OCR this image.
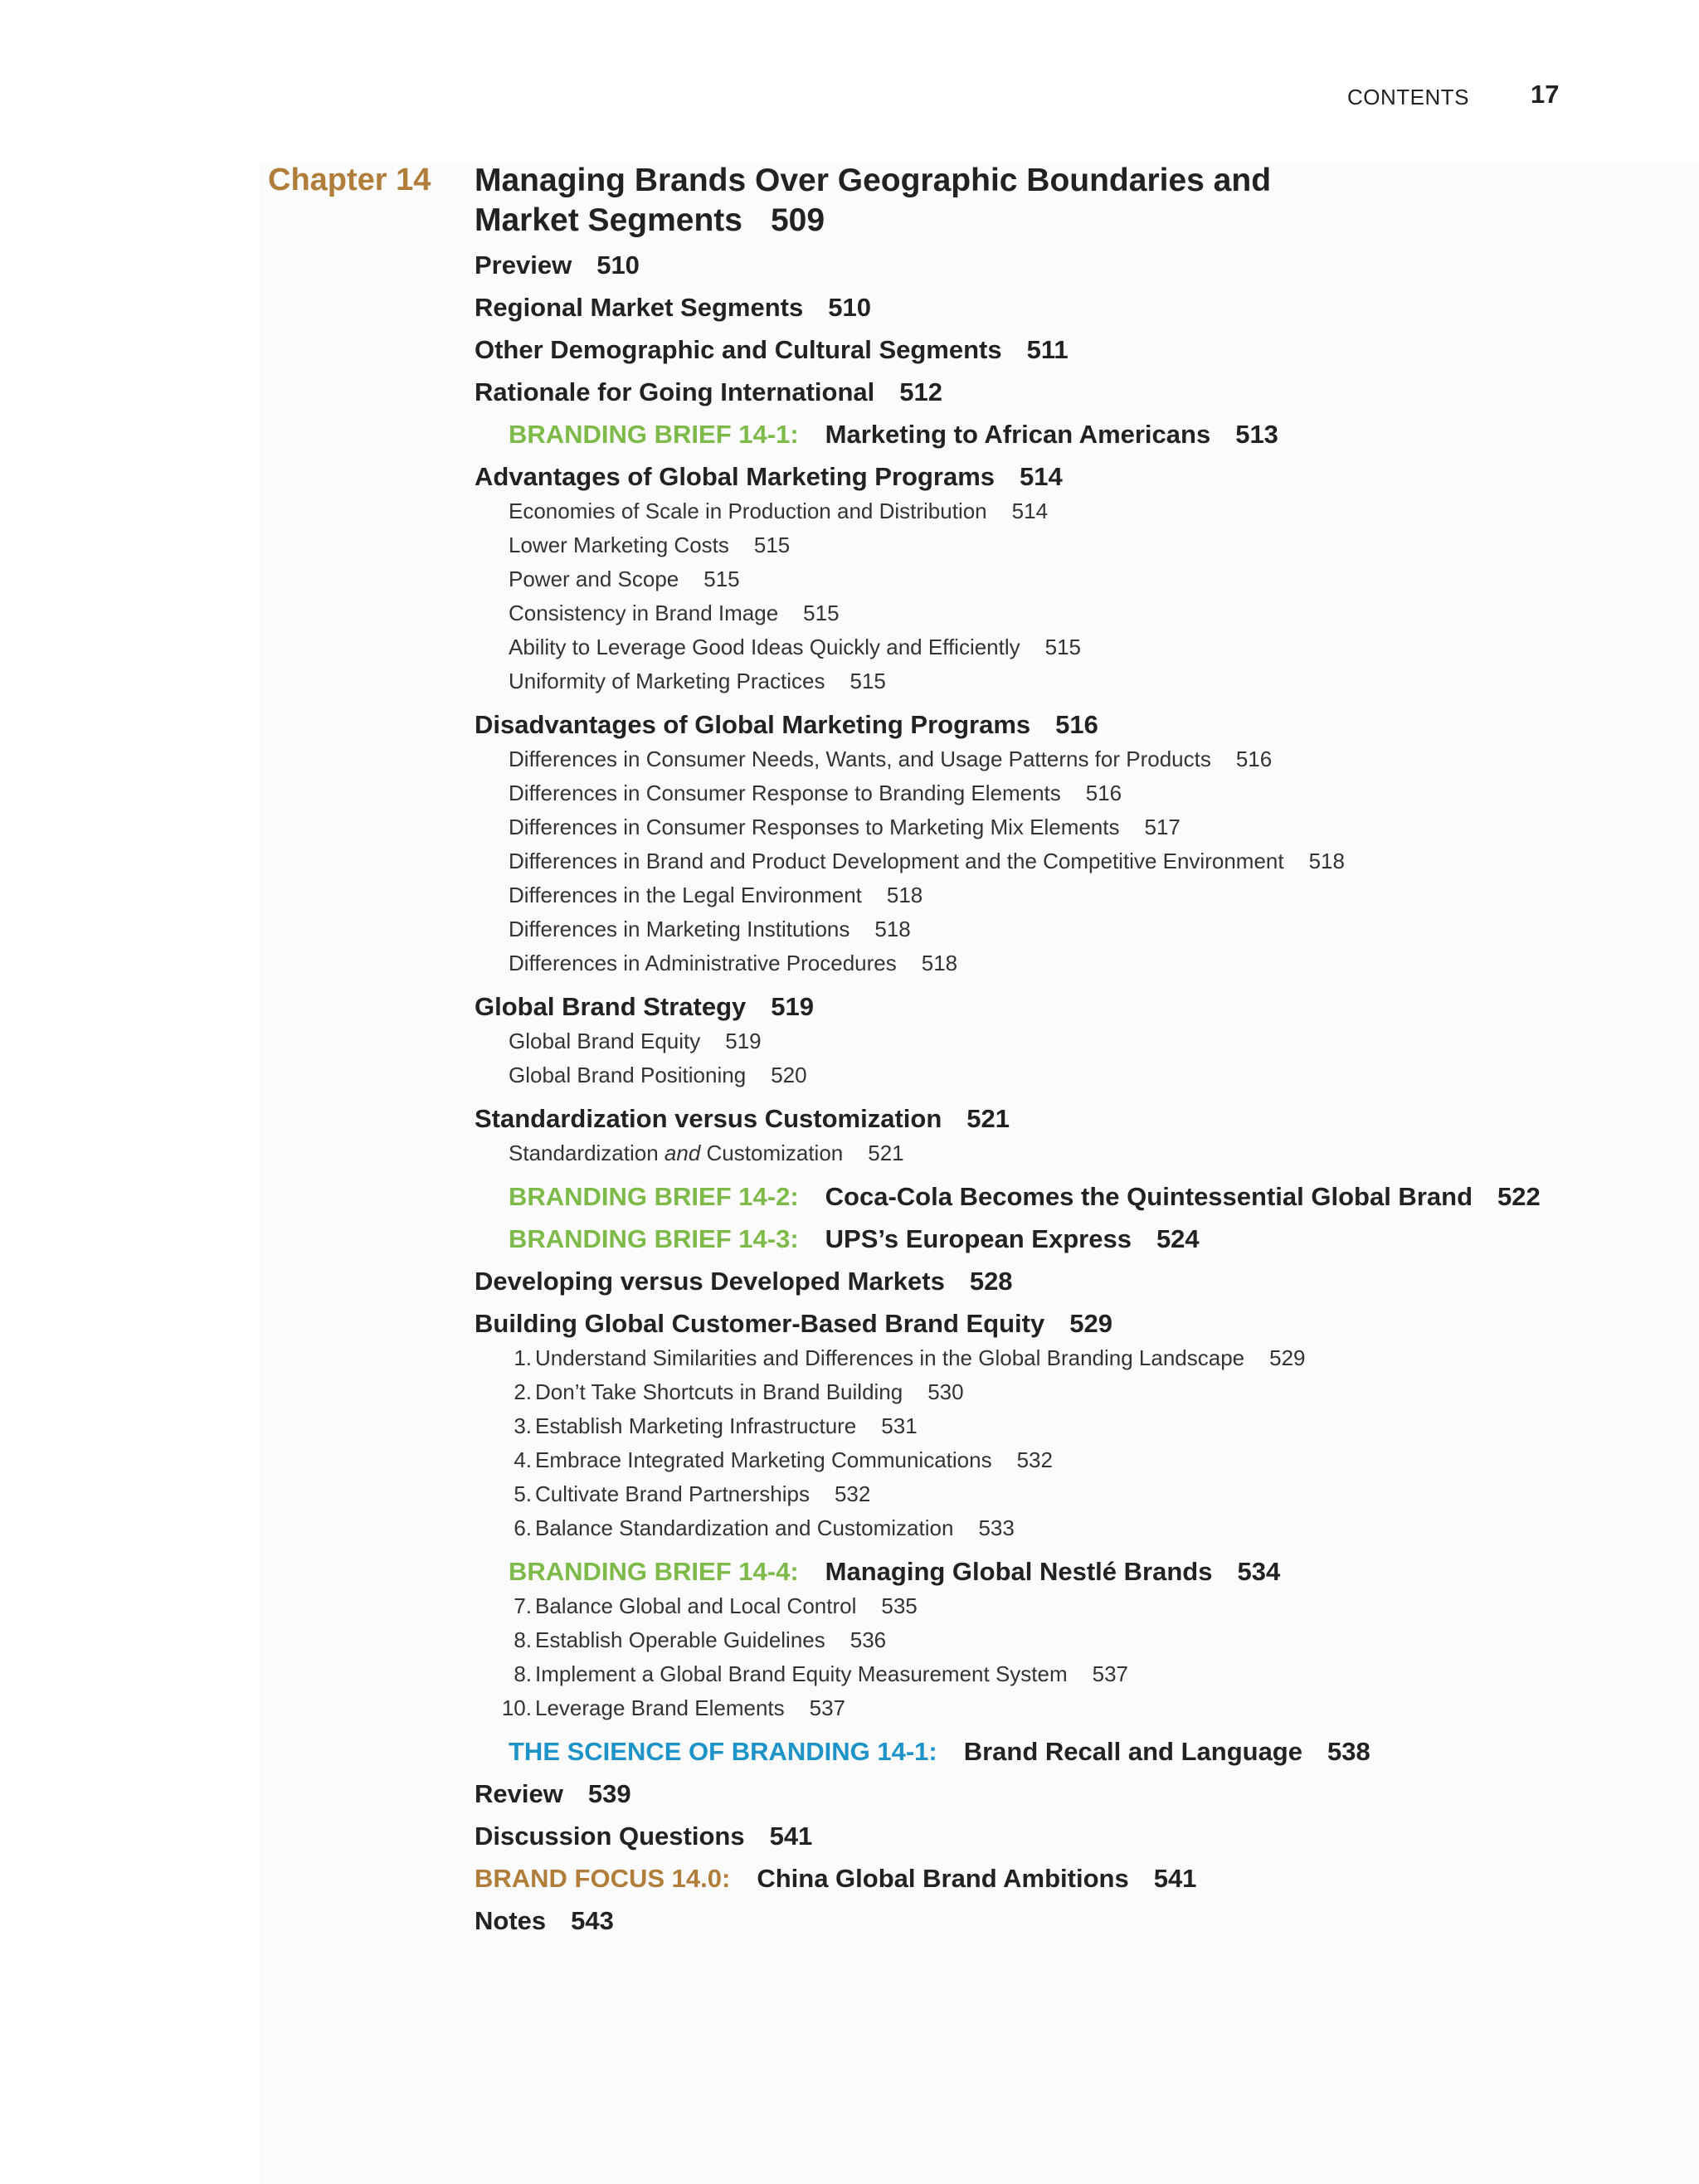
CONTENTS 17
Chapter 14 Managing Brands Over Geographic Boundaries and
Market Segments 509
Preview 510
Regional Market Segments 510
Other Demographic and Cultural Segments 511
Rationale for Going International 512
BRANDING BRIEF 14-1: Marketing to African Americans 513
Advantages of Global Marketing Programs 514
Economies of Scale in Production and Distribution 514
Lower Marketing Costs 515
Power and Scope 515
Consistency in Brand Image 515
Ability to Leverage Good Ideas Quickly and Efficiently 515
Uniformity of Marketing Practices 515
Disadvantages of Global Marketing Programs 516
Differences in Consumer Needs, Wants, and Usage Patterns for Products 516
Differences in Consumer Response to Branding Elements 516
Differences in Consumer Responses to Marketing Mix Elements 517
Differences in Brand and Product Development and the Competitive Environment 518
Differences in the Legal Environment 518
Differences in Marketing Institutions 518
Differences in Administrative Procedures 518
Global Brand Strategy 519
Global Brand Equity 519
Global Brand Positioning 520
Standardization versus Customization 521
Standardization and Customization 521
BRANDING BRIEF 14-2: Coca-Cola Becomes the Quintessential Global Brand 522
BRANDING BRIEF 14-3: UPS’s European Express 524
Developing versus Developed Markets 528
Building Global Customer-Based Brand Equity 529
1. Understand Similarities and Differences in the Global Branding Landscape 529
2. Don’t Take Shortcuts in Brand Building 530
3. Establish Marketing Infrastructure 531
4. Embrace Integrated Marketing Communications 532
5. Cultivate Brand Partnerships 532
6. Balance Standardization and Customization 533
BRANDING BRIEF 14-4: Managing Global Nestlé Brands 534
7. Balance Global and Local Control 535
8. Establish Operable Guidelines 536
8. Implement a Global Brand Equity Measurement System 537
10. Leverage Brand Elements 537
THE SCIENCE OF BRANDING 14-1: Brand Recall and Language 538
Review 539
Discussion Questions 541
BRAND FOCUS 14.0: China Global Brand Ambitions 541
Notes 543
